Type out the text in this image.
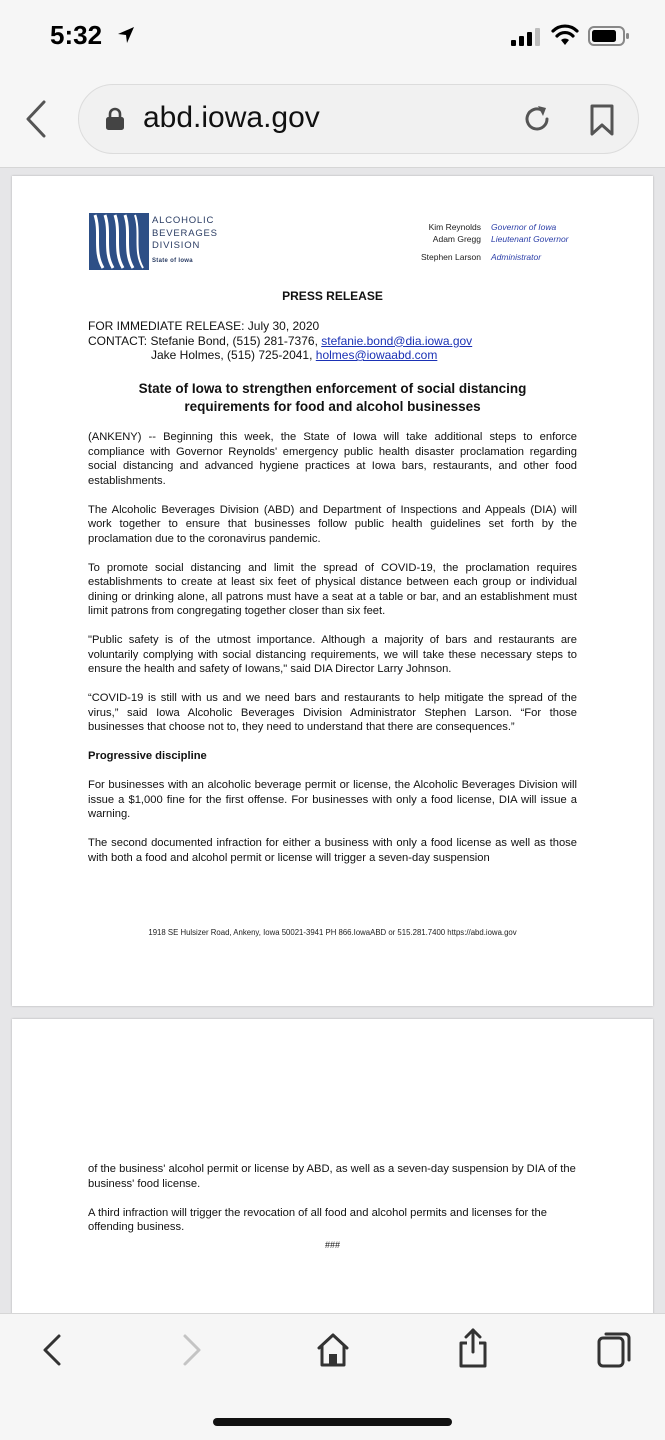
5:32
abd.iowa.gov
ALCOHOLIC
BEVERAGES
DIVISION
State of Iowa
Kim Reynolds	Governor of Iowa
Adam Gregg	Lieutenant Governor
Stephen Larson	Administrator
PRESS RELEASE
FOR IMMEDIATE RELEASE: July 30, 2020
CONTACT: Stefanie Bond, (515) 281-7376, stefanie.bond@dia.iowa.gov
Jake Holmes, (515) 725-2041, holmes@iowaabd.com
State of Iowa to strengthen enforcement of social distancing
requirements for food and alcohol businesses

(ANKENY) -- Beginning this week, the State of Iowa will take additional steps to enforce compliance with Governor Reynolds' emergency public health disaster proclamation regarding social distancing and advanced hygiene practices at Iowa bars, restaurants, and other food establishments.

The Alcoholic Beverages Division (ABD) and Department of Inspections and Appeals (DIA) will work together to ensure that businesses follow public health guidelines set forth by the proclamation due to the coronavirus pandemic.

To promote social distancing and limit the spread of COVID-19, the proclamation requires establishments to create at least six feet of physical distance between each group or individual dining or drinking alone, all patrons must have a seat at a table or bar, and an establishment must limit patrons from congregating together closer than six feet.

"Public safety is of the utmost importance. Although a majority of bars and restaurants are voluntarily complying with social distancing requirements, we will take these necessary steps to ensure the health and safety of Iowans," said DIA Director Larry Johnson.

“COVID-19 is still with us and we need bars and restaurants to help mitigate the spread of the virus,” said Iowa Alcoholic Beverages Division Administrator Stephen Larson. “For those businesses that choose not to, they need to understand that there are consequences.”

Progressive discipline

For businesses with an alcoholic beverage permit or license, the Alcoholic Beverages Division will issue a $1,000 fine for the first offense. For businesses with only a food license, DIA will issue a warning.

The second documented infraction for either a business with only a food license as well as those with both a food and alcohol permit or license will trigger a seven-day suspension

1918 SE Hulsizer Road, Ankeny, Iowa 50021-3941 PH 866.IowaABD or 515.281.7400 https://abd.iowa.gov

of the business' alcohol permit or license by ABD, as well as a seven-day suspension by DIA of the business' food license.

A third infraction will trigger the revocation of all food and alcohol permits and licenses for the offending business.

###
